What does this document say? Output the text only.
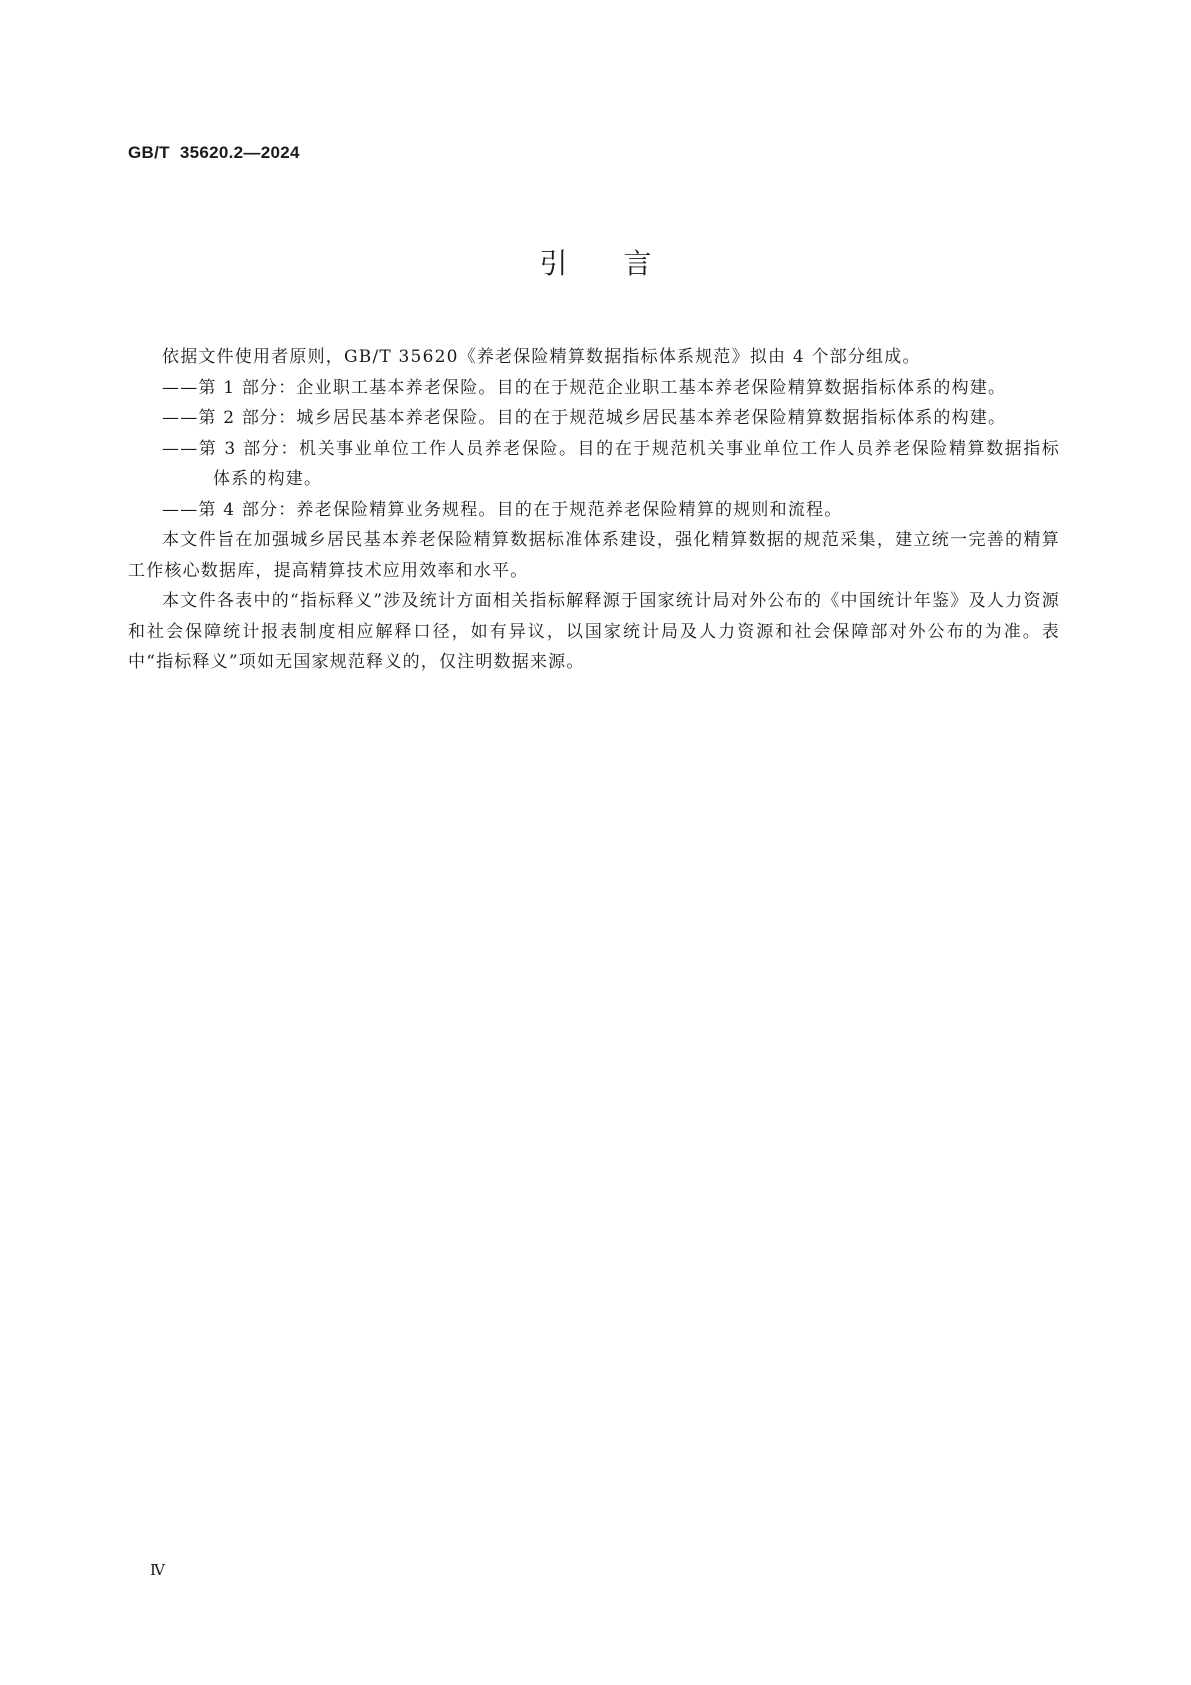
GB/T  35620.2—2024
引言

依据文件使用者原则，GB/T 35620《养老保险精算数据指标体系规范》拟由 4 个部分组成。

——第 1 部分：企业职工基本养老保险。目的在于规范企业职工基本养老保险精算数据指标体系的构建。

——第 2 部分：城乡居民基本养老保险。目的在于规范城乡居民基本养老保险精算数据指标体系的构建。

——第 3 部分：机关事业单位工作人员养老保险。目的在于规范机关事业单位工作人员养老保险精算数据指标体系的构建。

——第 4 部分：养老保险精算业务规程。目的在于规范养老保险精算的规则和流程。

本文件旨在加强城乡居民基本养老保险精算数据标准体系建设，强化精算数据的规范采集，建立统一完善的精算工作核心数据库，提高精算技术应用效率和水平。

本文件各表中的“指标释义”涉及统计方面相关指标解释源于国家统计局对外公布的《中国统计年鉴》及人力资源和社会保障统计报表制度相应解释口径，如有异议，以国家统计局及人力资源和社会保障部对外公布的为准。表中“指标释义”项如无国家规范释义的，仅注明数据来源。

Ⅳ
